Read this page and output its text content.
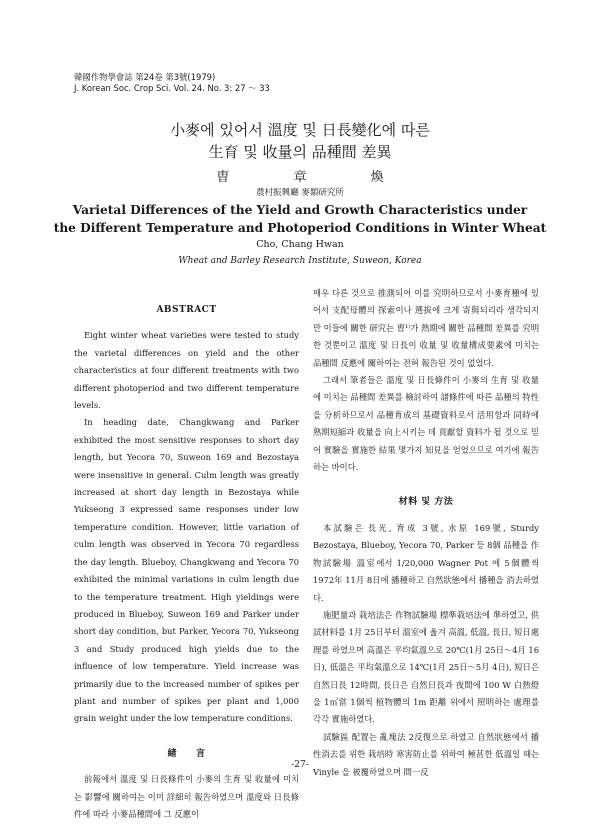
韓國作物學會誌 第24卷 第3號(1979)
J. Korean Soc. Crop Sci. Vol. 24. No. 3: 27 ～ 33
小麥에 있어서 溫度 및 日長變化에 따른
生育 및 收量의 品種間 差異
曺 章 煥
農村振興廳 麥類研究所
Varietal Differences of the Yield and Growth Characteristics under
the Different Temperature and Photoperiod Conditions in Winter Wheat
Cho, Chang Hwan
Wheat and Barley Research Institute, Suweon, Korea

ABSTRACT

Eight winter wheat varieties were tested to study the varietal differences on yield and the other characteristics at four different treatments with two different photoperiod and two different temperature levels.

In heading date, Changkwang and Parker exhibited the most sensitive responses to short day length, but Yecora 70, Suweon 169 and Bezostaya were insensitive in general. Culm length was greatly increased at short day length in Bezostaya while Yukseong 3 expressed same responses under low temperature condition. However, little variation of culm length was observed in Yecora 70 regardless the day length. Blueboy, Changkwang and Yecora 70 exhibited the minimal variations in culm length due to the temperature treatment. High yieldings were produced in Blueboy, Suweon 169 and Parker under short day condition, but Parker, Yecora 70, Yukseong 3 and Study produced high yields due to the influence of low temperature. Yield increase was primarily due to the increased number of spikes per plant and number of spikes per plant and 1,000 grain weight under the low temperature conditions.

緖　　言

前報에서 溫度 및 日長條件이 小麥의 生育 및 收量에 미치는 影響에 關하여는 이미 詳細히 報告하였으며 溫度와 日長條件에 따라 小麥品種間에 그 反應이

매우 다른 것으로 推測되어 이를 究明하므로서 小麥育種에 있어서 支配母體의 探索이나 選拔에 크게 寄與되리라 생각되지만 이들에 關한 研究는 曺¹⁾가 熱期에 關한 品種間 差異를 究明한 것뿐이고 溫度 및 日長이 收量 및 收量構成要素에 미치는 品種間 反應에 關하여는 전혀 報告된 것이 없었다.

그래서 筆者들은 溫度 및 日長條件이 小麥의 生育 및 收量에 미치는 品種間 差異를 檢討하여 諸條件에 따른 品種의 特性을 分析하므로서 品種育成의 基礎資料로서 活用함과 同時에 熟期短縮과 收量을 向上시키는 데 貢獻할 資料가 될 것으로 믿어 實驗을 實施한 結果 몇가지 知見을 얻었으므로 여기에 報告하는 바이다.

材料 및 方法

本試驗은 長光, 育成 3號, 水原 169號, Sturdy Bezostaya, Blueboy, Yecora 70, Parker 등 8個 品種을 作物試驗場 溫室에서 1/20,000 Wagner Pot 에 5個體씩 1972年 11月 8日에 播種하고 自然狀態에서 播種을 消去하였다.

施肥量과 栽培法은 作物試驗場 標準栽培法에 準하였고, 供試材料를 1月 25日부터 溫室에 옮겨 高溫, 低溫, 長日, 短日處理를 하였으며 高溫은 平均氣溫으로 20℃(1月 25日～4月 16日), 低溫은 平均氣溫으로 14℃(1月 25日～5月 4日), 短日은 自然日長 12時間, 長日은 自然日長과 夜間에 100 W 白熱燈을 1㎡當 1個씩 植物體의 1m 距離 위에서 照明하는 處理를 각각 實施하였다.

試驗區 配置는 亂塊法 2反復으로 하였고 自然狀態에서 播性消去를 위한 栽培時 寒害防止를 위하여 極甚한 低溫일 때는 Vinyle 을 被覆하였으며 間一反

-27-
